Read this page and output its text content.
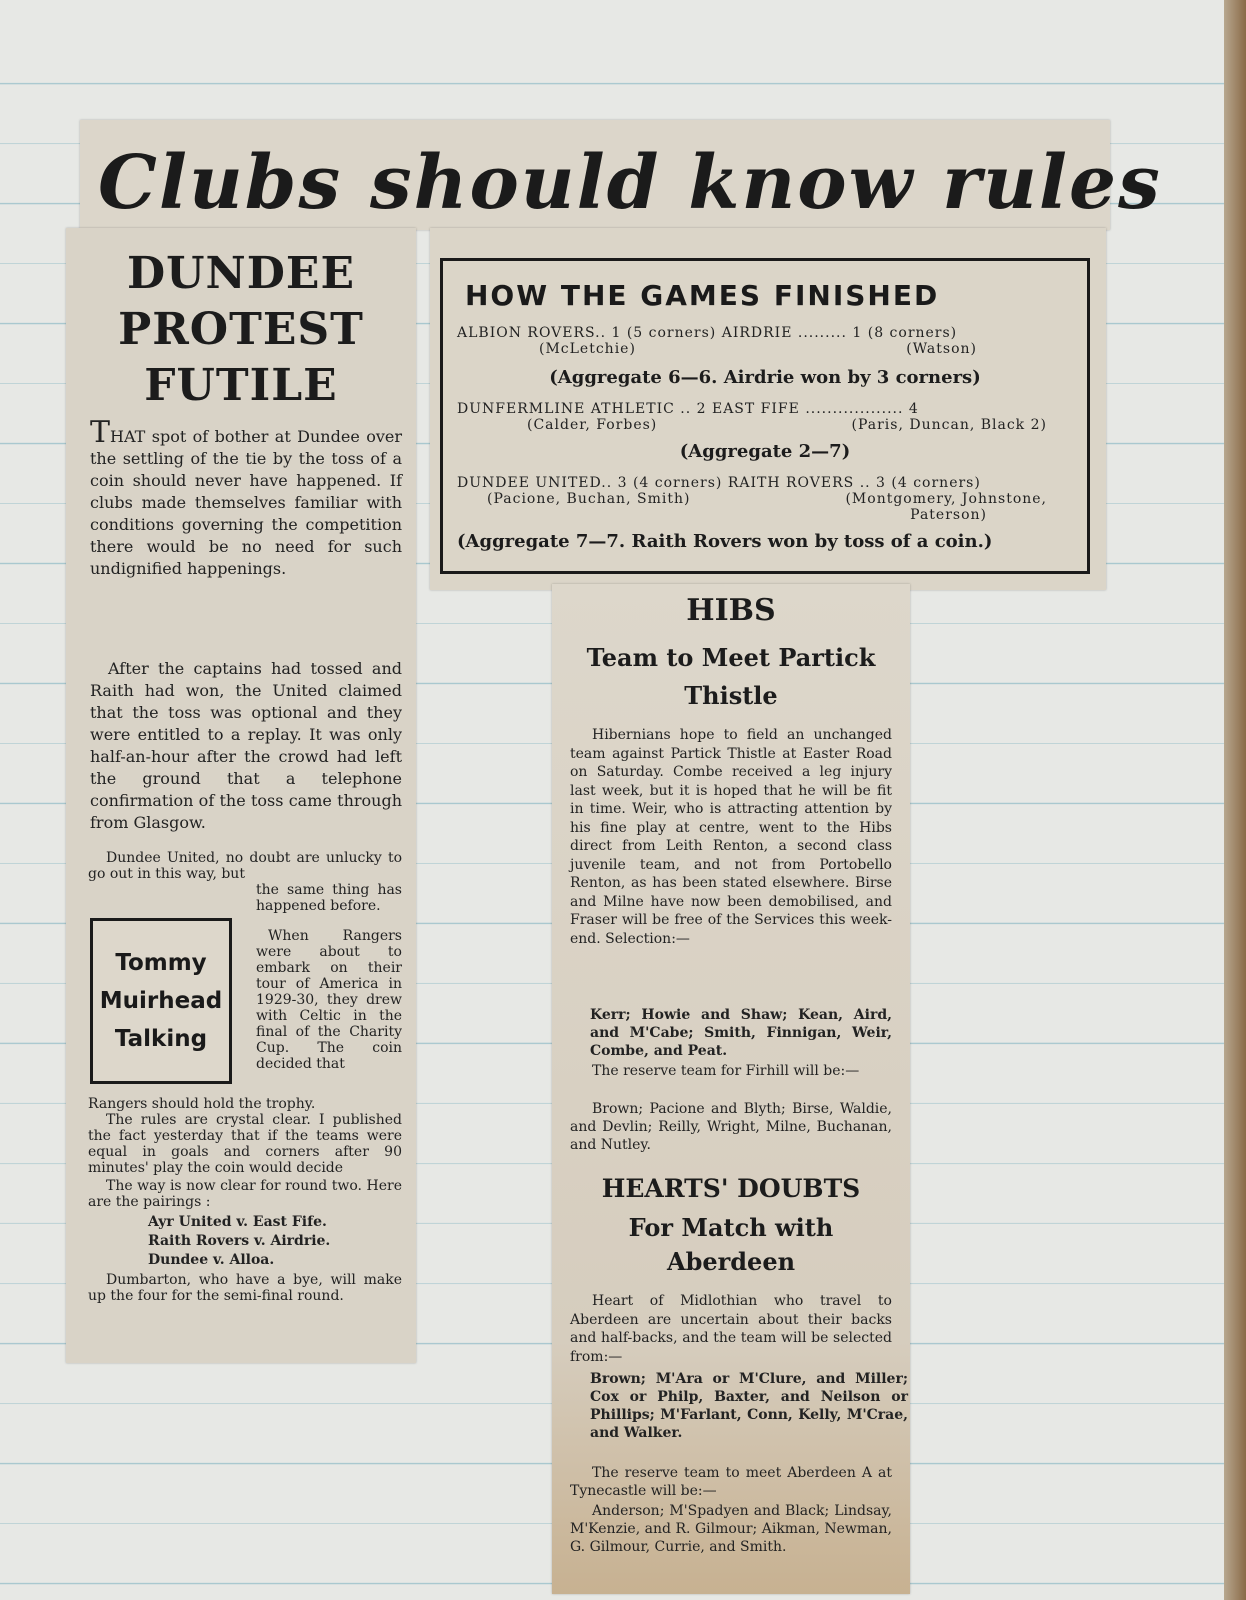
Clubs should know rules
DUNDEE
PROTEST
FUTILE
THAT spot of bother at Dundee over the settling of the tie by the toss of a coin should never have happened. If clubs made themselves familiar with conditions governing the competition there would be no need for such undignified happenings.
After the captains had tossed and Raith had won, the United claimed that the toss was optional and they were entitled to a replay. It was only half-an-hour after the crowd had left the ground that a telephone confirmation of the toss came through from Glasgow.
Dundee United, no doubt are unlucky to go out in this way, but
the same thing has happened before.
Tommy
Muirhead
Talking
When Rangers were about to embark on their tour of America in 1929-30, they drew with Celtic in the final of the Charity Cup. The coin decided that
Rangers should hold the trophy.
The rules are crystal clear. I published the fact yesterday that if the teams were equal in goals and corners after 90 minutes' play the coin would decide
The way is now clear for round two. Here are the pairings :
Ayr United v. East Fife.
Raith Rovers v. Airdrie.
Dundee v. Alloa.
Dumbarton, who have a bye, will make up the four for the semi-final round.
HOW THE GAMES FINISHED
ALBION ROVERS.. 1 (5 corners) AIRDRIE ......... 1 (8 corners)
(McLetchie)	(Watson)
(Aggregate 6—6. Airdrie won by 3 corners)
DUNFERMLINE ATHLETIC .. 2 EAST FIFE .................. 4
(Calder, Forbes)	(Paris, Duncan, Black 2)
(Aggregate 2—7)
DUNDEE UNITED.. 3 (4 corners) RAITH ROVERS .. 3 (4 corners)
(Pacione, Buchan, Smith)	(Montgomery, Johnstone,
Paterson)
(Aggregate 7—7. Raith Rovers won by toss of a coin.)
HIBS
Team to Meet Partick
Thistle
Hibernians hope to field an unchanged team against Partick Thistle at Easter Road on Saturday. Combe received a leg injury last week, but it is hoped that he will be fit in time. Weir, who is attracting attention by his fine play at centre, went to the Hibs direct from Leith Renton, a second class juvenile team, and not from Portobello Renton, as has been stated elsewhere. Birse and Milne have now been demobilised, and Fraser will be free of the Services this week-end. Selection:—
Kerr; Howie and Shaw; Kean, Aird, and M'Cabe; Smith, Finnigan, Weir, Combe, and Peat.
The reserve team for Firhill will be:—
Brown; Pacione and Blyth; Birse, Waldie, and Devlin; Reilly, Wright, Milne, Buchanan, and Nutley.
HEARTS' DOUBTS
For Match with
Aberdeen
Heart of Midlothian who travel to Aberdeen are uncertain about their backs and half-backs, and the team will be selected from:—
Brown; M'Ara or M'Clure, and Miller; Cox or Philp, Baxter, and Neilson or Phillips; M'Farlant, Conn, Kelly, M'Crae, and Walker.
The reserve team to meet Aberdeen A at Tynecastle will be:—
Anderson; M'Spadyen and Black; Lindsay, M'Kenzie, and R. Gilmour; Aikman, Newman, G. Gilmour, Currie, and Smith.
